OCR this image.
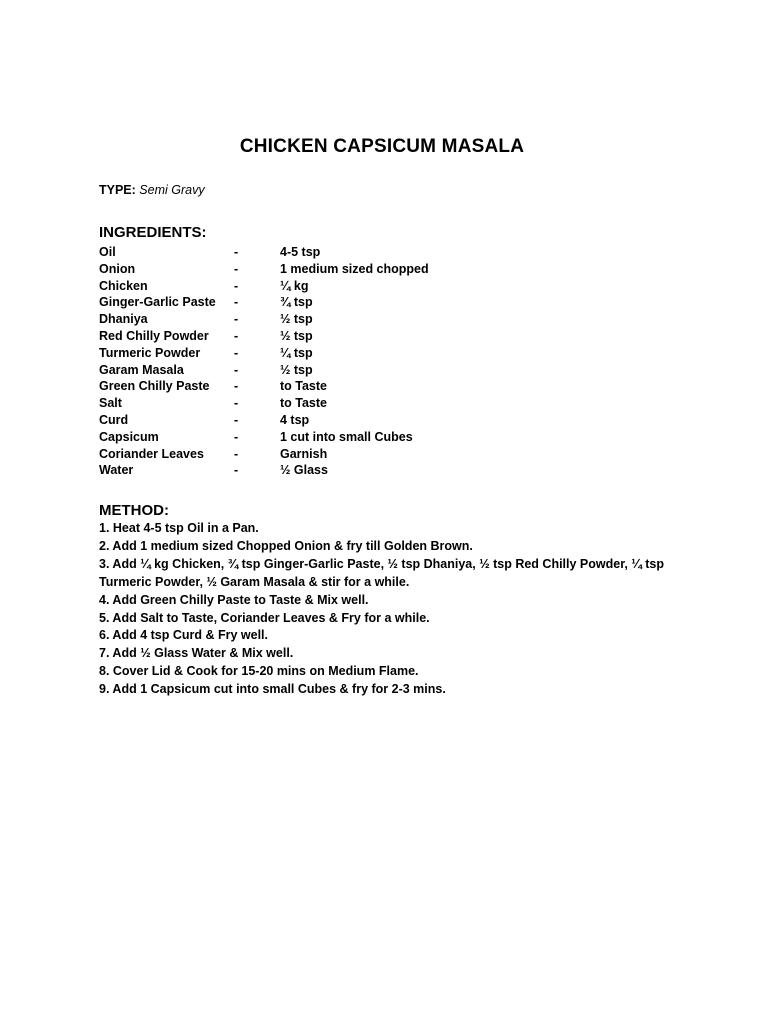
CHICKEN CAPSICUM MASALA
TYPE: Semi Gravy
INGREDIENTS:
Oil	-	4-5 tsp
Onion	-	1 medium sized chopped
Chicken	-	¼ kg
Ginger-Garlic Paste -	¾ tsp
Dhaniya	-	½ tsp
Red Chilly Powder -	½ tsp
Turmeric Powder	-	¼ tsp
Garam Masala	-	½ tsp
Green Chilly Paste -	to Taste
Salt	-	to Taste
Curd	-	4 tsp
Capsicum	-	1 cut into small Cubes
Coriander Leaves -	Garnish
Water	-	½ Glass
METHOD:
1. Heat 4-5 tsp Oil in a Pan.
2. Add 1 medium sized Chopped Onion & fry till Golden Brown.
3. Add ¼ kg Chicken, ¾ tsp Ginger-Garlic Paste, ½ tsp Dhaniya, ½ tsp Red Chilly Powder, ¼ tsp
Turmeric Powder, ½ Garam Masala & stir for a while.
4. Add Green Chilly Paste to Taste & Mix well.
5. Add Salt to Taste, Coriander Leaves & Fry for a while.
6. Add 4 tsp Curd & Fry well.
7. Add ½ Glass Water & Mix well.
8. Cover Lid & Cook for 15-20 mins on Medium Flame.
9. Add 1 Capsicum cut into small Cubes & fry for 2-3 mins.
